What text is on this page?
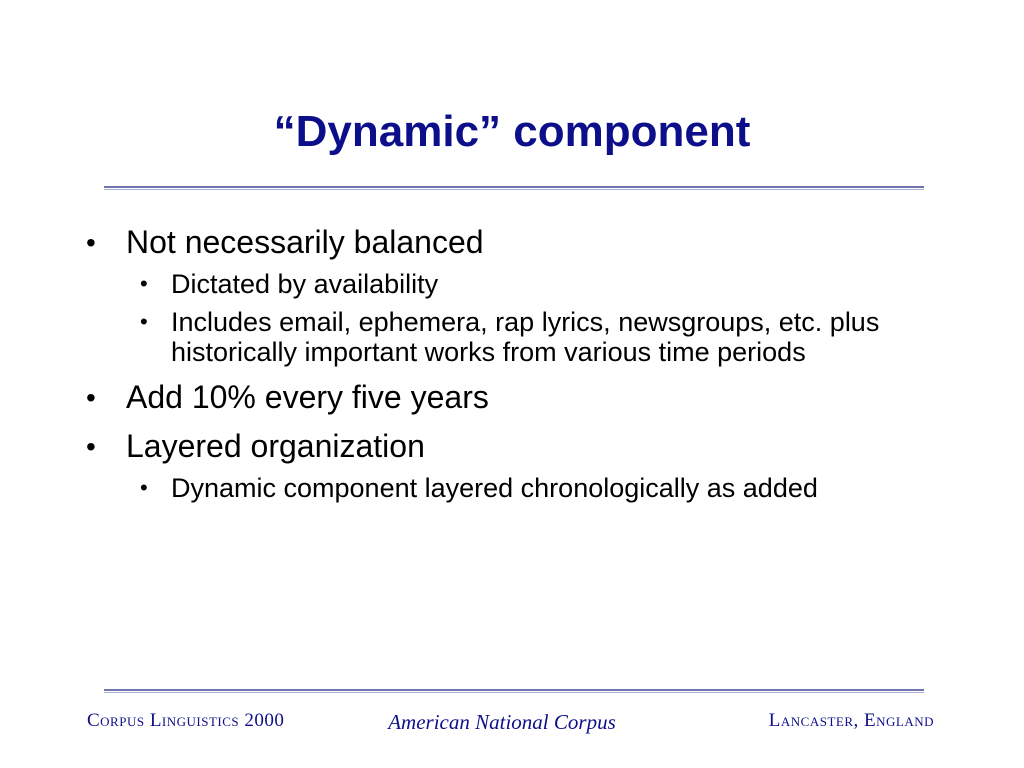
“Dynamic” component
• Not necessarily balanced
• Dictated by availability
• Includes email, ephemera, rap lyrics, newsgroups, etc. plus historically important works from various time periods
• Add 10% every five years
• Layered organization
• Dynamic component layered chronologically as added
Corpus Linguistics 2000	American National Corpus	Lancaster, England
